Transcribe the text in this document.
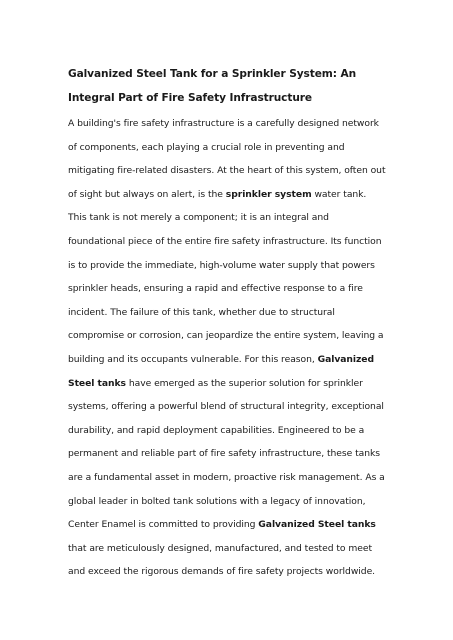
Galvanized Steel Tank for a Sprinkler System: An Integral Part of Fire Safety Infrastructure

A building's fire safety infrastructure is a carefully designed network of components, each playing a crucial role in preventing and mitigating fire-related disasters. At the heart of this system, often out of sight but always on alert, is the sprinkler system water tank. This tank is not merely a component; it is an integral and foundational piece of the entire fire safety infrastructure. Its function is to provide the immediate, high-volume water supply that powers sprinkler heads, ensuring a rapid and effective response to a fire incident. The failure of this tank, whether due to structural compromise or corrosion, can jeopardize the entire system, leaving a building and its occupants vulnerable. For this reason, Galvanized Steel tanks have emerged as the superior solution for sprinkler systems, offering a powerful blend of structural integrity, exceptional durability, and rapid deployment capabilities. Engineered to be a permanent and reliable part of fire safety infrastructure, these tanks are a fundamental asset in modern, proactive risk management. As a global leader in bolted tank solutions with a legacy of innovation, Center Enamel is committed to providing Galvanized Steel tanks that are meticulously designed, manufactured, and tested to meet and exceed the rigorous demands of fire safety projects worldwide.
